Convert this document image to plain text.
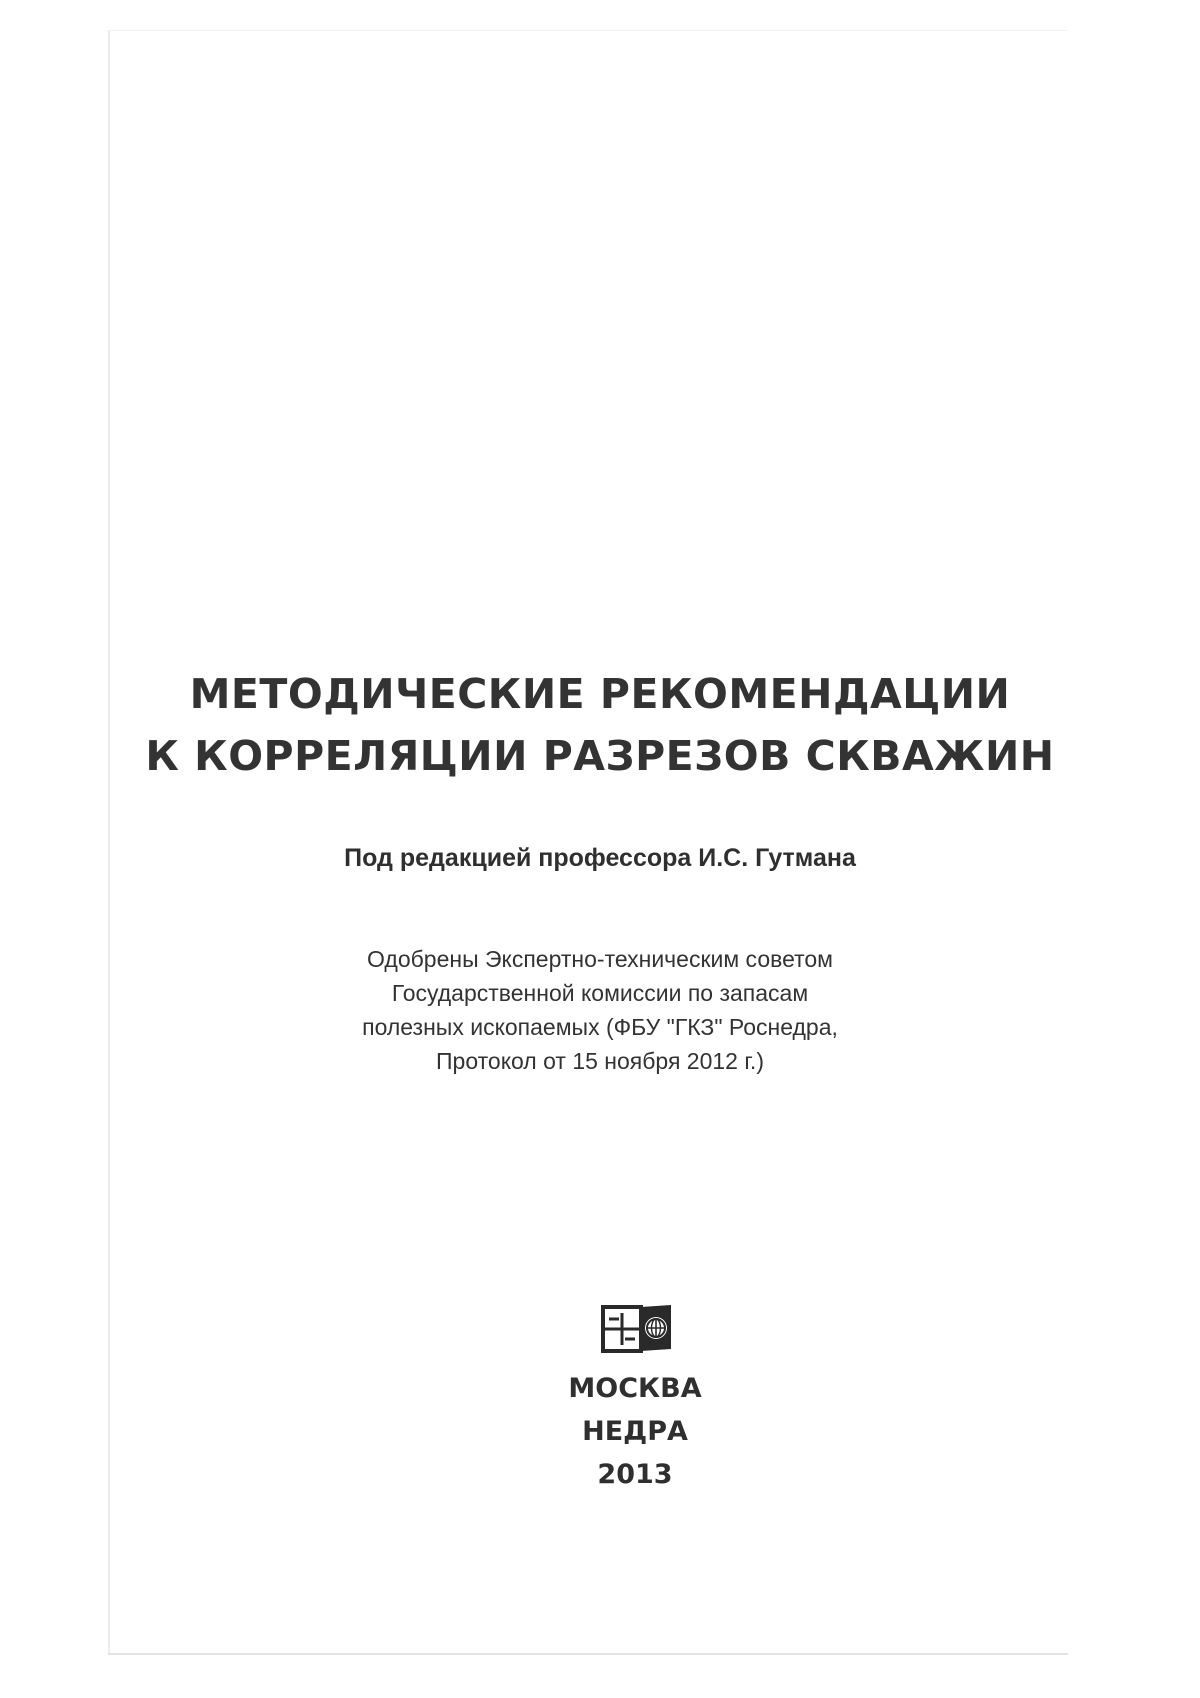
МЕТОДИЧЕСКИЕ РЕКОМЕНДАЦИИ
К КОРРЕЛЯЦИИ РАЗРЕЗОВ СКВАЖИН
Под редакцией профессора И.С. Гутмана
Одобрены Экспертно-техническим советом
Государственной комиссии по запасам
полезных ископаемых (ФБУ "ГКЗ" Роснедра,
Протокол от 15 ноября 2012 г.)
МОСКВА
НЕДРА
2013
